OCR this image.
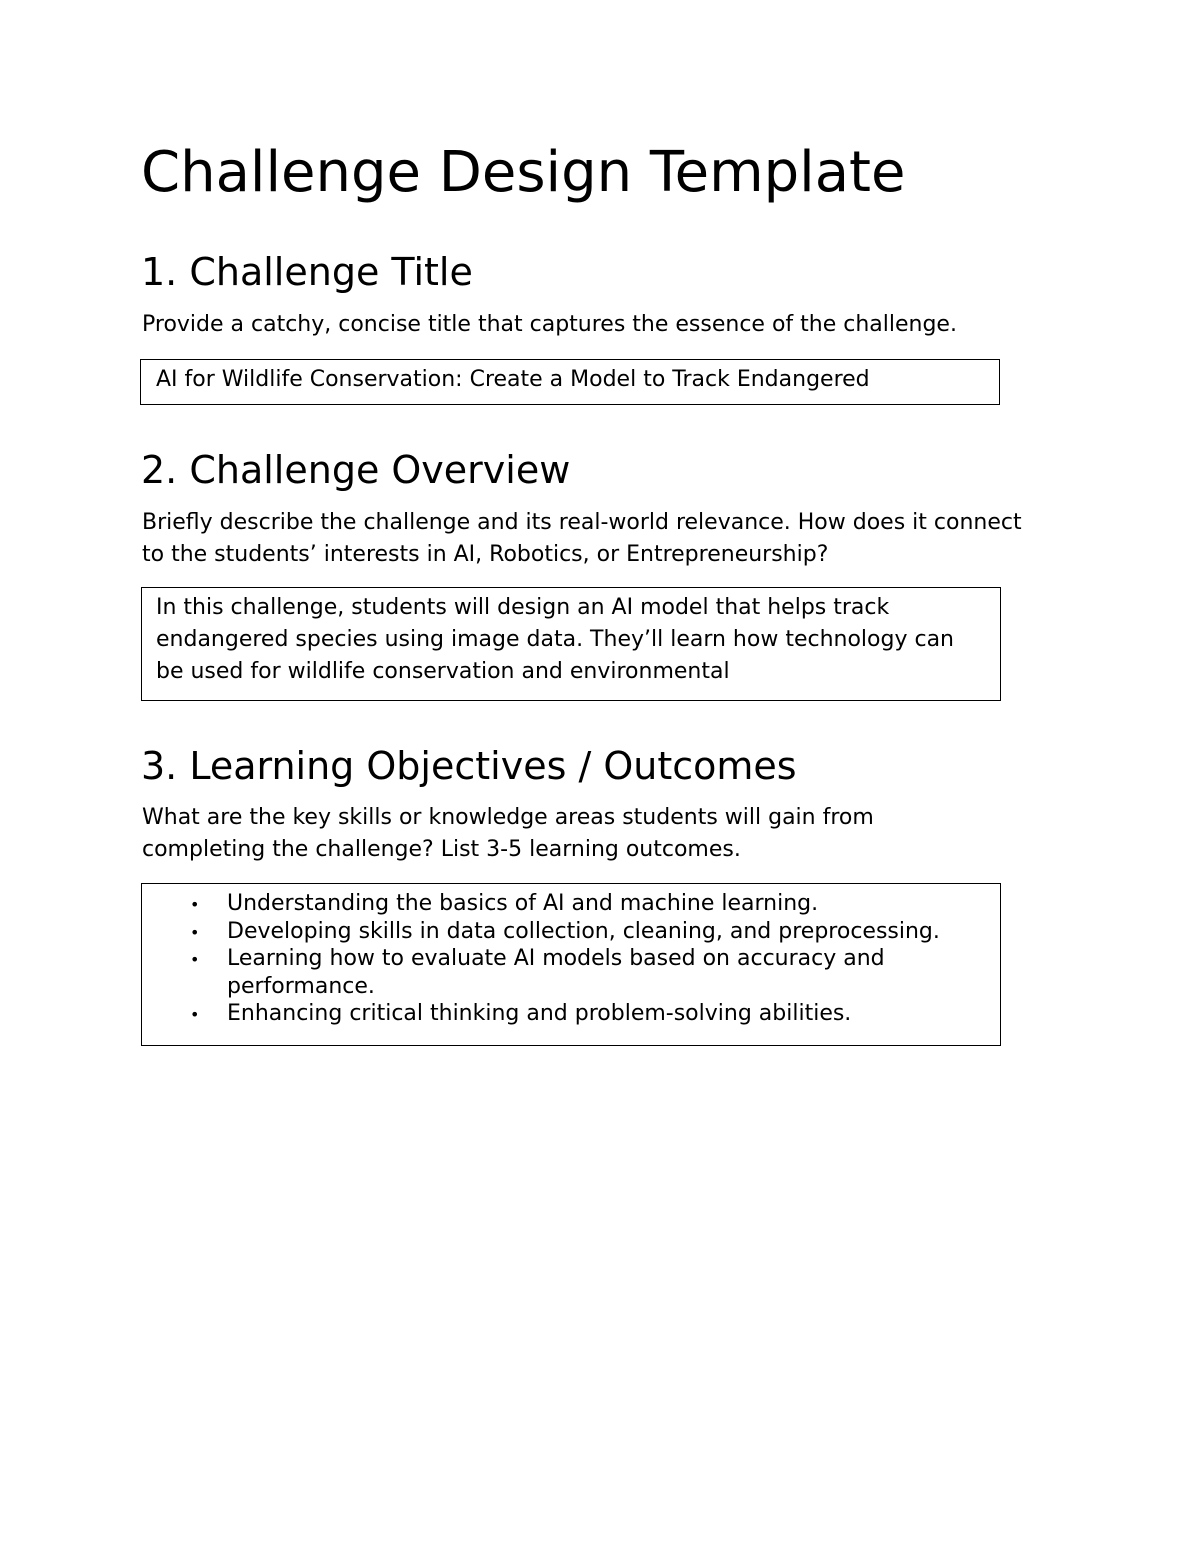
Challenge Design Template
1. Challenge Title

Provide a catchy, concise title that captures the essence of the challenge.

AI for Wildlife Conservation: Create a Model to Track Endangered

2. Challenge Overview

Briefly describe the challenge and its real-world relevance. How does it connect to the students’ interests in AI, Robotics, or Entrepreneurship?

In this challenge, students will design an AI model that helps track endangered species using image data. They’ll learn how technology can be used for wildlife conservation and environmental

3. Learning Objectives / Outcomes

What are the key skills or knowledge areas students will gain from completing the challenge? List 3-5 learning outcomes.

• Understanding the basics of AI and machine learning.
• Developing skills in data collection, cleaning, and preprocessing.
• Learning how to evaluate AI models based on accuracy and performance.
• Enhancing critical thinking and problem-solving abilities.
